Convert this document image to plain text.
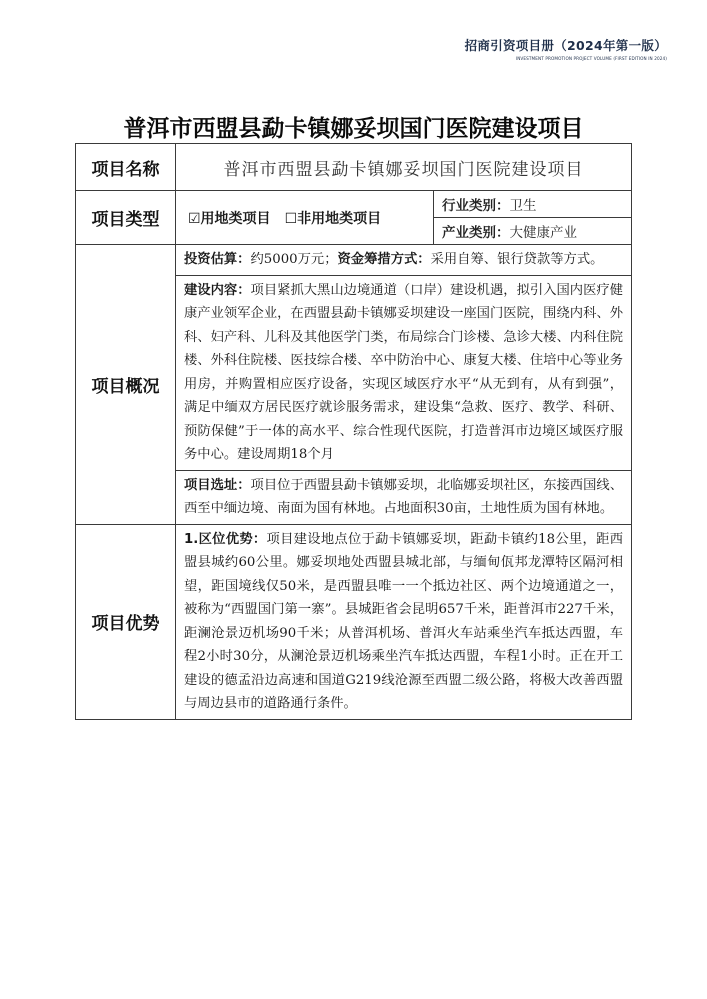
招商引资项目册（2024年第一版）
INVESTMENT PROMOTION PROJECT VOLUME (FIRST EDITION IN 2024)
普洱市西盟县勐卡镇娜妥坝国门医院建设项目
项目名称	普洱市西盟县勐卡镇娜妥坝国门医院建设项目	
项目类型	☑用地类项目 ☐非用地类项目	行业类别：卫生
		产业类别：大健康产业
项目概况	投资估算：约5000万元；资金筹措方式：采用自筹、银行贷款等方式。	
	建设内容：项目紧抓大黑山边境通道（口岸）建设机遇，拟引入国内医疗健康产业领军企业，在西盟县勐卡镇娜妥坝建设一座国门医院，围绕内科、外科、妇产科、儿科及其他医学门类，布局综合门诊楼、急诊大楼、内科住院楼、外科住院楼、医技综合楼、卒中防治中心、康复大楼、住培中心等业务用房，并购置相应医疗设备，实现区域医疗水平“从无到有，从有到强”，满足中缅双方居民医疗就诊服务需求，建设集“急救、医疗、教学、科研、预防保健”于一体的高水平、综合性现代医院，打造普洱市边境区域医疗服务中心。建设周期18个月	
	项目选址：项目位于西盟县勐卡镇娜妥坝，北临娜妥坝社区，东接西国线、西至中缅边境、南面为国有林地。占地面积30亩，土地性质为国有林地。	
项目优势	1.区位优势：项目建设地点位于勐卡镇娜妥坝，距勐卡镇约18公里，距西盟县城约60公里。娜妥坝地处西盟县城北部，与缅甸佤邦龙潭特区隔河相望，距国境线仅50米，是西盟县唯一一个抵边社区、两个边境通道之一，被称为“西盟国门第一寨”。县城距省会昆明657千米，距普洱市227千米，距澜沧景迈机场90千米；从普洱机场、普洱火车站乘坐汽车抵达西盟，车程2小时30分，从澜沧景迈机场乘坐汽车抵达西盟，车程1小时。正在开工建设的德孟沿边高速和国道G219线沧源至西盟二级公路，将极大改善西盟与周边县市的道路通行条件。	
